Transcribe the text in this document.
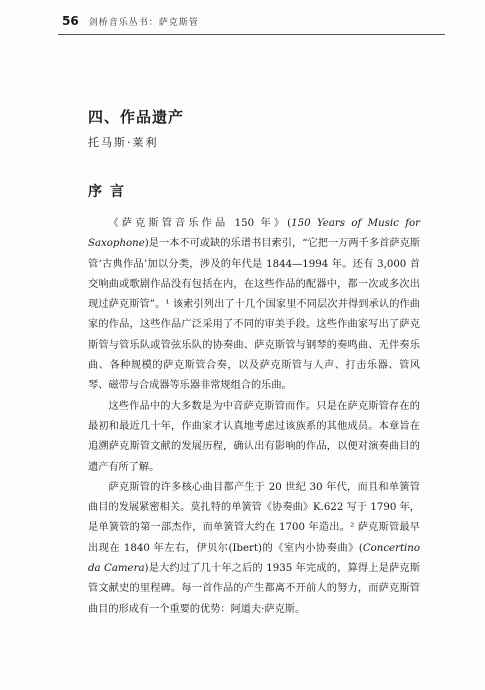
56 剑桥音乐丛书：萨克斯管
四、作品遗产
托马斯·莱利
序言

《萨克斯管音乐作品 150 年》(150 Years of Music for Saxophone)是一本不可或缺的乐谱书目索引，“它把一万两千多首萨克斯管‘古典作品’加以分类，涉及的年代是 1844—1994 年。还有 3,000 首交响曲或歌剧作品没有包括在内，在这些作品的配器中，都一次或多次出现过萨克斯管”。¹ 该索引列出了十几个国家里不同层次并得到承认的作曲家的作品，这些作品广泛采用了不同的审美手段。这些作曲家写出了萨克斯管与管乐队或管弦乐队的协奏曲、萨克斯管与钢琴的奏鸣曲、无伴奏乐曲、各种规模的萨克斯管合奏，以及萨克斯管与人声、打击乐器、管风琴、磁带与合成器等乐器非常规组合的乐曲。

这些作品中的大多数是为中音萨克斯管而作。只是在萨克斯管存在的最初和最近几十年，作曲家才认真地考虑过该族系的其他成员。本章旨在追溯萨克斯管文献的发展历程，确认出有影响的作品，以便对演奏曲目的遗产有所了解。

萨克斯管的许多核心曲目都产生于 20 世纪 30 年代，而且和单簧管曲目的发展紧密相关。莫扎特的单簧管《协奏曲》K.622 写于 1790 年，是单簧管的第一部杰作，而单簧管大约在 1700 年造出。² 萨克斯管最早出现在 1840 年左右，伊贝尔(Ibert)的《室内小协奏曲》(Concertino da Camera)是大约过了几十年之后的 1935 年完成的，算得上是萨克斯管文献史的里程碑。每一首作品的产生都离不开前人的努力，而萨克斯管曲目的形成有一个重要的优势：阿道夫·萨克斯。
